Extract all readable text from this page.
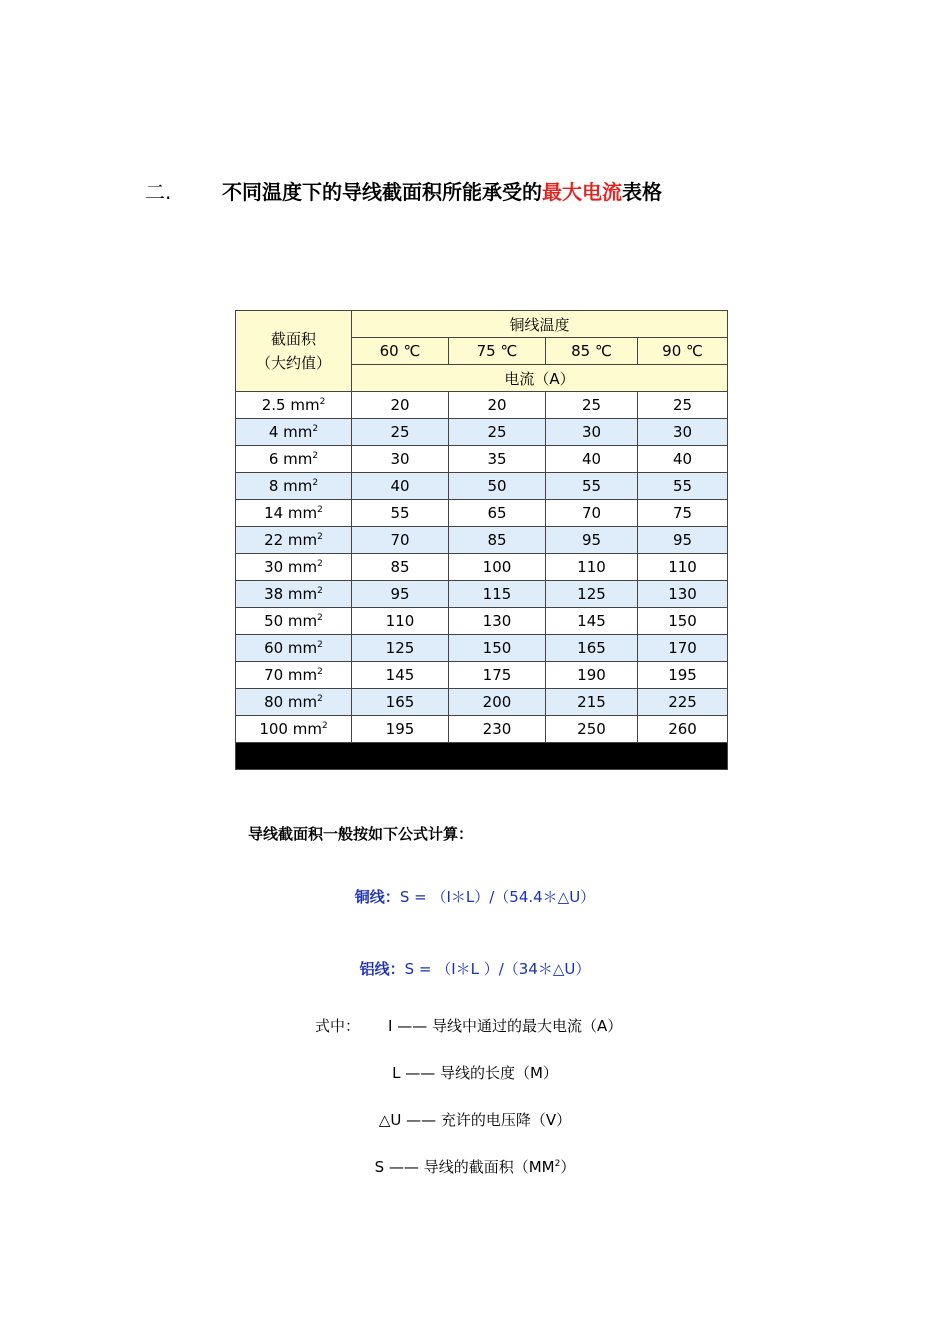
二.	不同温度下的导线截面积所能承受的最大电流表格
截面积
（大约值）	铜线温度			
	60 ℃	75 ℃	85 ℃	90 ℃
	电流（A）			
2.5 $mm^2$	20	20	25	25
4 $mm^2$	25	25	30	30
6 $mm^2$	30	35	40	40
8 $mm^2$	40	50	55	55
14 $mm^2$	55	65	70	75
22 $mm^2$	70	85	95	95
30 $mm^2$	85	100	110	110
38 $mm^2$	95	115	125	130
50 $mm^2$	110	130	145	150
60 $mm^2$	125	150	165	170
70 $mm^2$	145	175	190	195
80 $mm^2$	165	200	215	225
100 $mm^2$	195	230	250	260

导线截面积一般按如下公式计算：
铜线：S = （I＊L）/（54.4＊△U）
铝线：S = （I＊L ）/（34＊△U）
式中： I —— 导线中通过的最大电流（A）
L —— 导线的长度（M）
△U —— 充许的电压降（V）
S —— 导线的截面积$(MM^2)$
